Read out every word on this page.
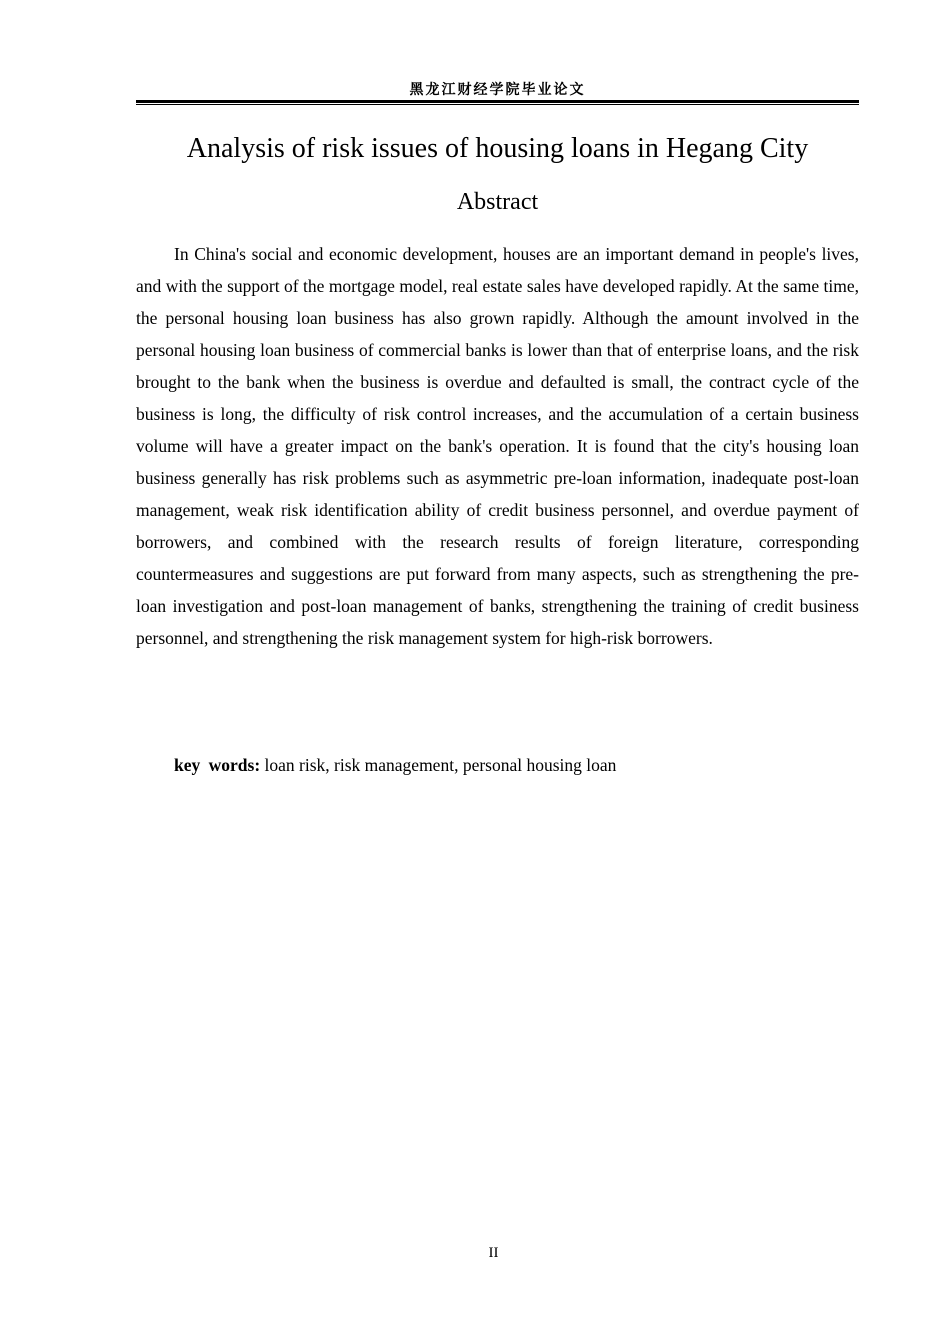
黑龙江财经学院毕业论文
Analysis of risk issues of housing loans in Hegang City
Abstract

In China's social and economic development, houses are an important demand in people's lives, and with the support of the mortgage model, real estate sales have developed rapidly. At the same time, the personal housing loan business has also grown rapidly. Although the amount involved in the personal housing loan business of commercial banks is lower than that of enterprise loans, and the risk brought to the bank when the business is overdue and defaulted is small, the contract cycle of the business is long, the difficulty of risk control increases, and the accumulation of a certain business volume will have a greater impact on the bank's operation. It is found that the city's housing loan business generally has risk problems such as asymmetric pre-loan information, inadequate post-loan management, weak risk identification ability of credit business personnel, and overdue payment of borrowers, and combined with the research results of foreign literature, corresponding countermeasures and suggestions are put forward from many aspects, such as strengthening the pre-loan investigation and post-loan management of banks, strengthening the training of credit business personnel, and strengthening the risk management system for high-risk borrowers.

key words: loan risk, risk management, personal housing loan

II
